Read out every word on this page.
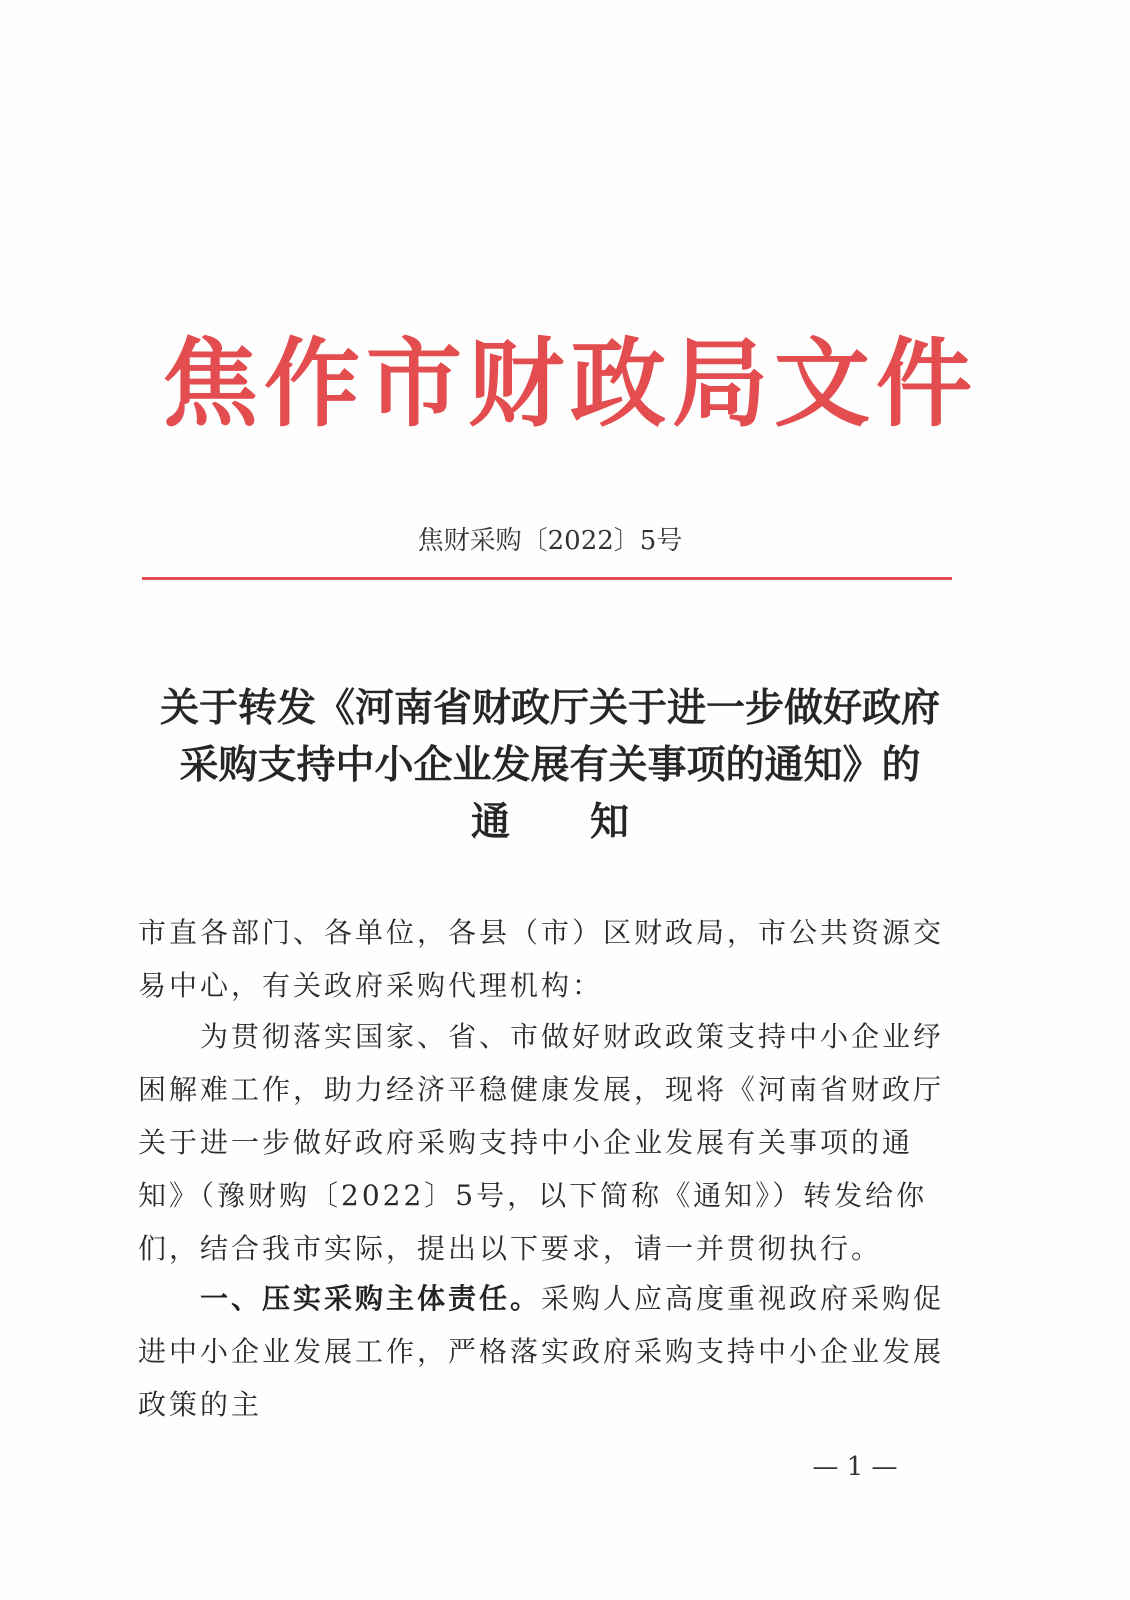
焦作市财政局文件
焦财采购〔2022〕5号
关于转发《河南省财政厅关于进一步做好政府
采购支持中小企业发展有关事项的通知》的
通知
市直各部门、各单位，各县（市）区财政局，市公共资源交易中心，有关政府采购代理机构：
为贯彻落实国家、省、市做好财政政策支持中小企业纾困解难工作，助力经济平稳健康发展，现将《河南省财政厅关于进一步做好政府采购支持中小企业发展有关事项的通知》（豫财购〔2022〕5号，以下简称《通知》）转发给你们，结合我市实际，提出以下要求，请一并贯彻执行。
一、压实采购主体责任。采购人应高度重视政府采购促进中小企业发展工作，严格落实政府采购支持中小企业发展政策的主
— 1 —
